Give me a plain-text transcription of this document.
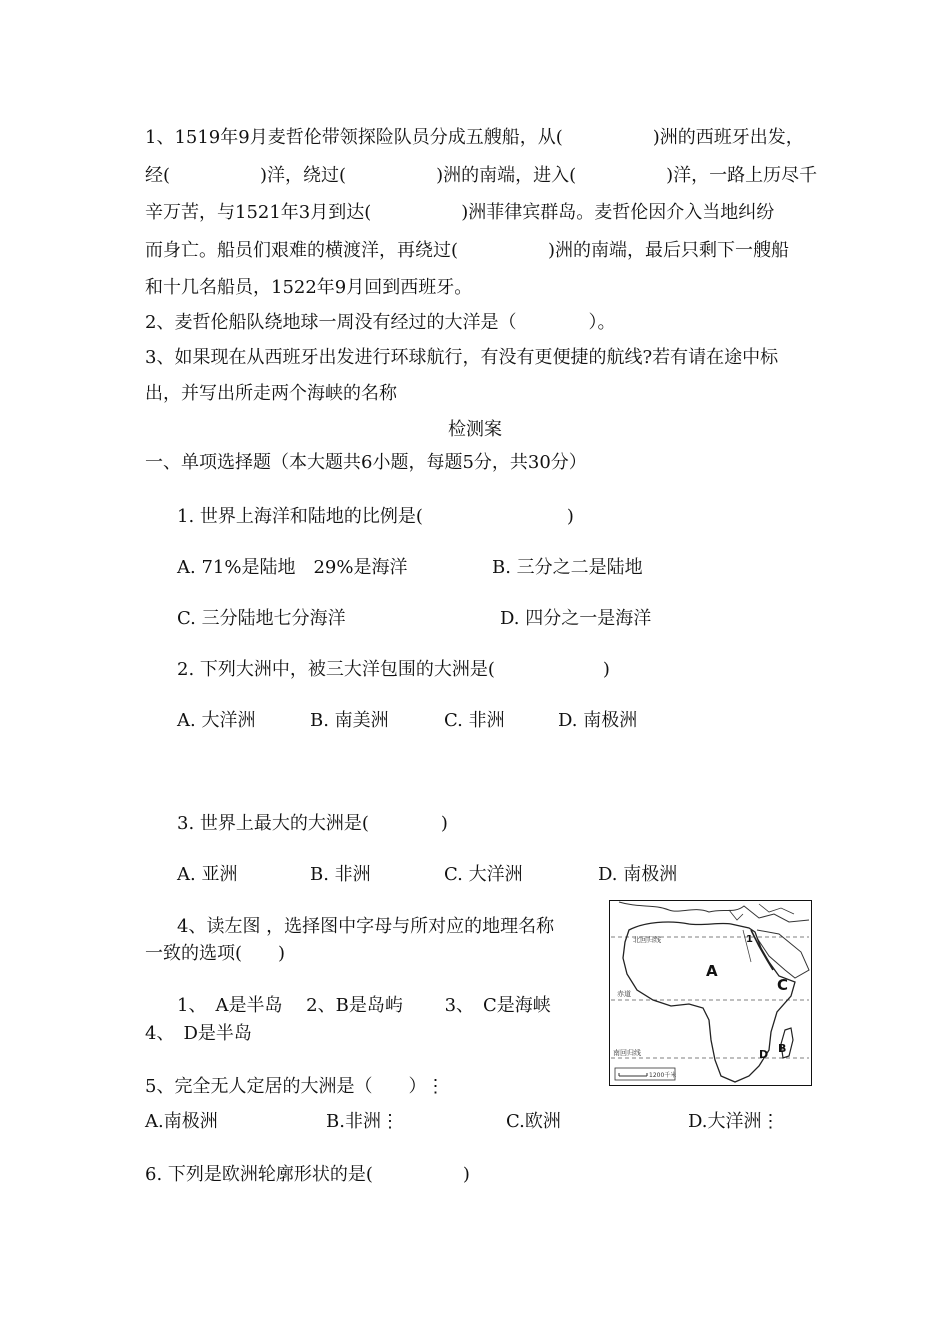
1、1519年9月麦哲伦带领探险队员分成五艘船，从(　　　　　)洲的西班牙出发，
经(　　　　　)洋，绕过(　　　　　)洲的南端，进入(　　　　　)洋，一路上历尽千
辛万苦，与1521年3月到达(　　　　　)洲菲律宾群岛。麦哲伦因介入当地纠纷
而身亡。船员们艰难的横渡洋，再绕过(　　　　　)洲的南端，最后只剩下一艘船
和十几名船员，1522年9月回到西班牙。
2、麦哲伦船队绕地球一周没有经过的大洋是（　　　　）。
3、如果现在从西班牙出发进行环球航行，有没有更便捷的航线?若有请在途中标
出，并写出所走两个海峡的名称
检测案
一、单项选择题（本大题共6小题，每题5分，共30分）
1. 世界上海洋和陆地的比例是(　　　　　　　　)
A. 71%是陆地　29%是海洋	B. 三分之二是陆地
C. 三分陆地七分海洋	D. 四分之一是海洋
2. 下列大洲中，被三大洋包围的大洲是(　　　　　　)
A. 大洋洲	B. 南美洲	C. 非洲	D. 南极洲
3. 世界上最大的大洲是(　　　　)
A. 亚洲	B. 非洲	C. 大洋洲	D. 南极洲
4、读左图 ，选择图中字母与所对应的地理名称
一致的选项(　　)
1、　A是半岛　 2、B是岛屿　　 3、　C是海峡
4、　D是半岛
5、完全无人定居的大洲是（　　）⋮
A.南极洲	B.非洲⋮	C.欧洲	D.大洋洲⋮
6. 下列是欧洲轮廓形状的是(　　　　　)
北回归线
赤道
南回归线
1
A
C
B
D
1200千米
